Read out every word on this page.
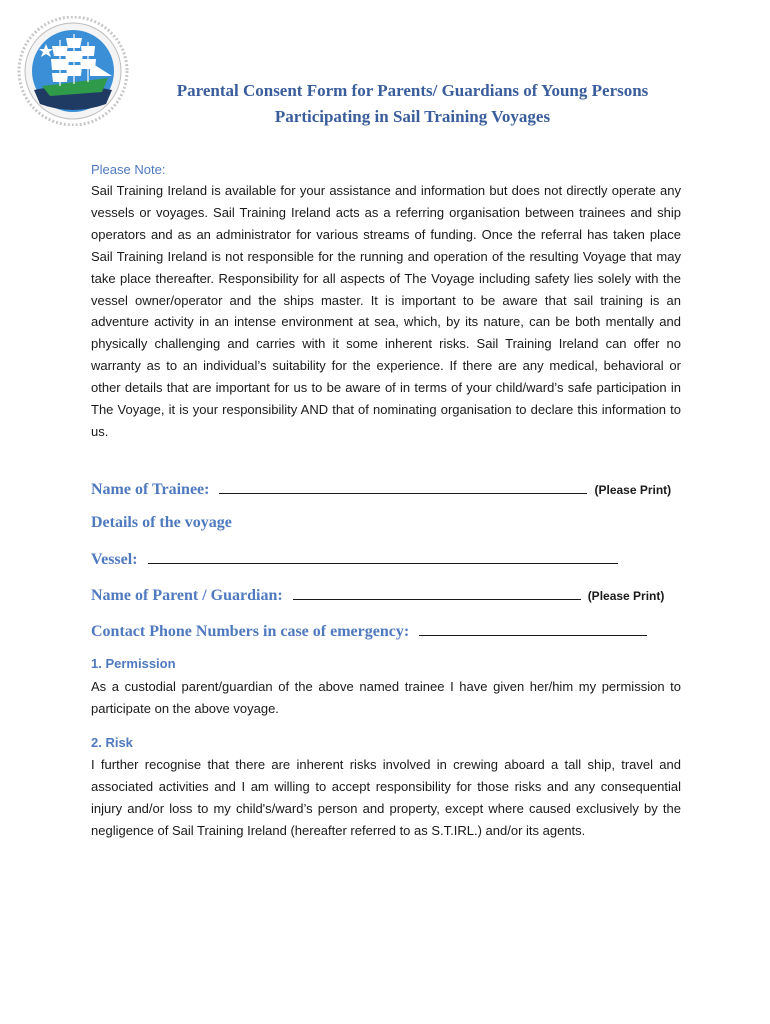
Parental Consent Form for Parents/ Guardians of Young Persons
Participating in Sail Training Voyages
Please Note:
Sail Training Ireland is available for your assistance and information but does not directly operate any vessels or voyages. Sail Training Ireland acts as a referring organisation between trainees and ship operators and as an administrator for various streams of funding. Once the referral has taken place Sail Training Ireland is not responsible for the running and operation of the resulting Voyage that may take place thereafter. Responsibility for all aspects of The Voyage including safety lies solely with the vessel owner/operator and the ships master. It is important to be aware that sail training is an adventure activity in an intense environment at sea, which, by its nature, can be both mentally and physically challenging and carries with it some inherent risks. Sail Training Ireland can offer no warranty as to an individual’s suitability for the experience. If there are any medical, behavioral or other details that are important for us to be aware of in terms of your child/ward’s safe participation in The Voyage, it is your responsibility AND that of nominating organisation to declare this information to us.
Name of Trainee:	(Please Print)
Details of the voyage
Vessel:
Name of Parent / Guardian:	(Please Print)
Contact Phone Numbers in case of emergency:
1. Permission
As a custodial parent/guardian of the above named trainee I have given her/him my permission to participate on the above voyage.
2. Risk
I further recognise that there are inherent risks involved in crewing aboard a tall ship, travel and associated activities and I am willing to accept responsibility for those risks and any consequential injury and/or loss to my child's/ward’s person and property, except where caused exclusively by the negligence of Sail Training Ireland (hereafter referred to as S.T.IRL.) and/or its agents.
